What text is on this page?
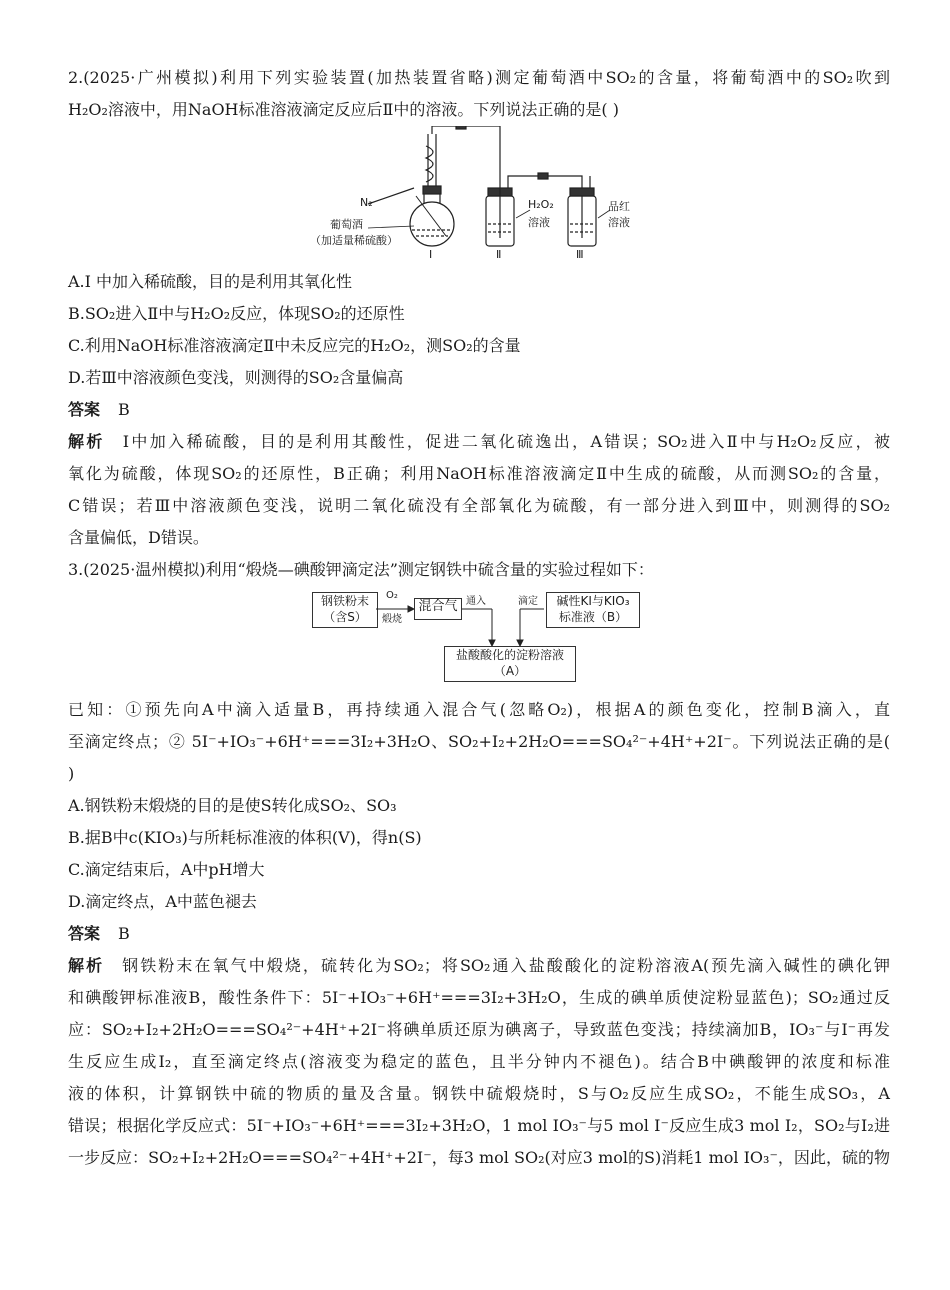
2.(2025·广州模拟)利用下列实验装置(加热装置省略)测定葡萄酒中SO₂的含量，将葡萄酒中的SO₂吹到
H₂O₂溶液中，用NaOH标准溶液滴定反应后Ⅱ中的溶液。下列说法正确的是( )
N₂
葡萄酒
（加适量稀硫酸）
H₂O₂
溶液
品红
溶液
Ⅰ	Ⅱ	Ⅲ
A.Ⅰ 中加入稀硫酸，目的是利用其氧化性
B.SO₂进入Ⅱ中与H₂O₂反应，体现SO₂的还原性
C.利用NaOH标准溶液滴定Ⅱ中未反应完的H₂O₂，测SO₂的含量
D.若Ⅲ中溶液颜色变浅，则测得的SO₂含量偏高
答案 B
解析 Ⅰ中加入稀硫酸，目的是利用其酸性，促进二氧化硫逸出，A错误；SO₂进入Ⅱ中与H₂O₂反应，被
氧化为硫酸，体现SO₂的还原性，B正确；利用NaOH标准溶液滴定Ⅱ中生成的硫酸，从而测SO₂的含量，
C错误；若Ⅲ中溶液颜色变浅，说明二氧化硫没有全部氧化为硫酸，有一部分进入到Ⅲ中，则测得的SO₂
含量偏低，D错误。
3.(2025·温州模拟)利用“煅烧—碘酸钾滴定法”测定钢铁中硫含量的实验过程如下：
钢铁粉末
（含S）
O₂
煅烧
混合气 通入	滴定	碱性KI与KIO₃
标准液（B）
盐酸酸化的淀粉溶液
（A）
已知：①预先向A中滴入适量B，再持续通入混合气(忽略O₂)，根据A的颜色变化，控制B滴入，直
至滴定终点；② 5I⁻+IO₃⁻+6H⁺===3I₂+3H₂O、SO₂+I₂+2H₂O===SO₄²⁻+4H⁺+2I⁻。下列说法正确的是(
)
A.钢铁粉末煅烧的目的是使S转化成SO₂、SO₃
B.据B中c(KIO₃)与所耗标准液的体积(V)，得n(S)
C.滴定结束后，A中pH增大
D.滴定终点，A中蓝色褪去
答案 B
解析 钢铁粉末在氧气中煅烧，硫转化为SO₂；将SO₂通入盐酸酸化的淀粉溶液A(预先滴入碱性的碘化钾
和碘酸钾标准液B，酸性条件下：5I⁻+IO₃⁻+6H⁺===3I₂+3H₂O，生成的碘单质使淀粉显蓝色)；SO₂通过反
应：SO₂+I₂+2H₂O===SO₄²⁻+4H⁺+2I⁻将碘单质还原为碘离子，导致蓝色变浅；持续滴加B，IO₃⁻与I⁻再发
生反应生成I₂，直至滴定终点(溶液变为稳定的蓝色，且半分钟内不褪色)。结合B中碘酸钾的浓度和标准
液的体积，计算钢铁中硫的物质的量及含量。钢铁中硫煅烧时，S与O₂反应生成SO₂，不能生成SO₃，A
错误；根据化学反应式：5I⁻+IO₃⁻+6H⁺===3I₂+3H₂O，1 mol IO₃⁻与5 mol I⁻反应生成3 mol I₂，SO₂与I₂进
一步反应：SO₂+I₂+2H₂O===SO₄²⁻+4H⁺+2I⁻，每3 mol SO₂(对应3 mol的S)消耗1 mol IO₃⁻，因此，硫的物
